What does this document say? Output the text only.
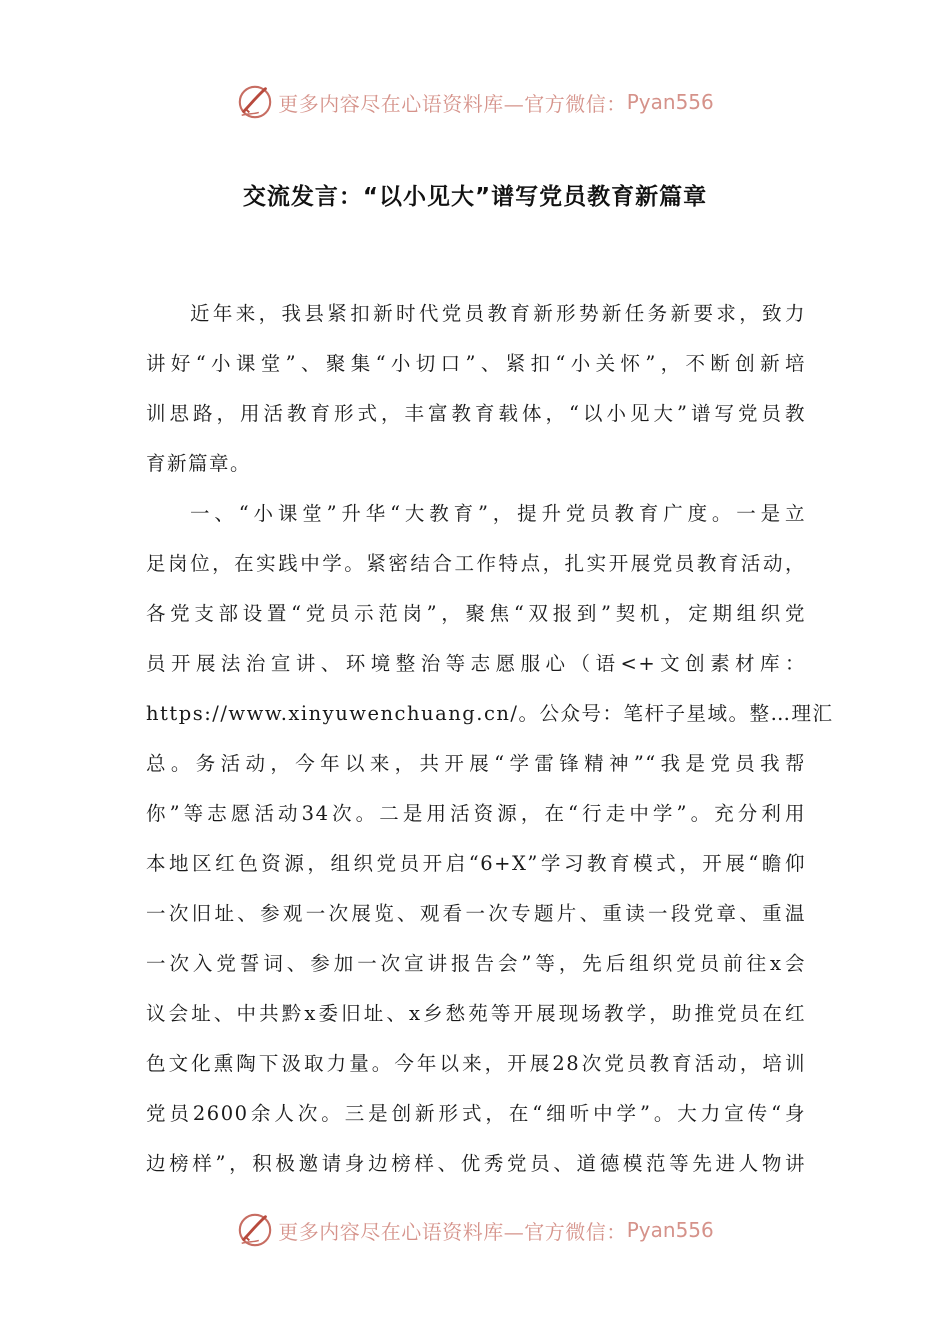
更多内容尽在心语资料库—官方微信： Pyan556
交流发言：“以小见大”谱写党员教育新篇章
近年来，我县紧扣新时代党员教育新形势新任务新要求，致力
讲好“小课堂”、聚集“小切口”、紧扣“小关怀”，不断创新培
训思路，用活教育形式，丰富教育载体，“以小见大”谱写党员教
育新篇章。
一、“小课堂”升华“大教育”，提升党员教育广度。一是立
足岗位，在实践中学。紧密结合工作特点，扎实开展党员教育活动，
各党支部设置“党员示范岗”，聚焦“双报到”契机，定期组织党
员开展法治宣讲、环境整治等志愿服心（语<+文创素材库：
https://www.xinyuwenchuang.cn/。公众号：笔杆子星域。整…理汇
总。务活动，今年以来，共开展“学雷锋精神”“我是党员我帮
你”等志愿活动34次。二是用活资源，在“行走中学”。充分利用
本地区红色资源，组织党员开启“6+X”学习教育模式，开展“瞻仰
一次旧址、参观一次展览、观看一次专题片、重读一段党章、重温
一次入党誓词、参加一次宣讲报告会”等，先后组织党员前往x会
议会址、中共黔x委旧址、x乡愁苑等开展现场教学，助推党员在红
色文化熏陶下汲取力量。今年以来，开展28次党员教育活动，培训
党员2600余人次。三是创新形式，在“细听中学”。大力宣传“身
边榜样”，积极邀请身边榜样、优秀党员、道德模范等先进人物讲
更多内容尽在心语资料库—官方微信： Pyan556
